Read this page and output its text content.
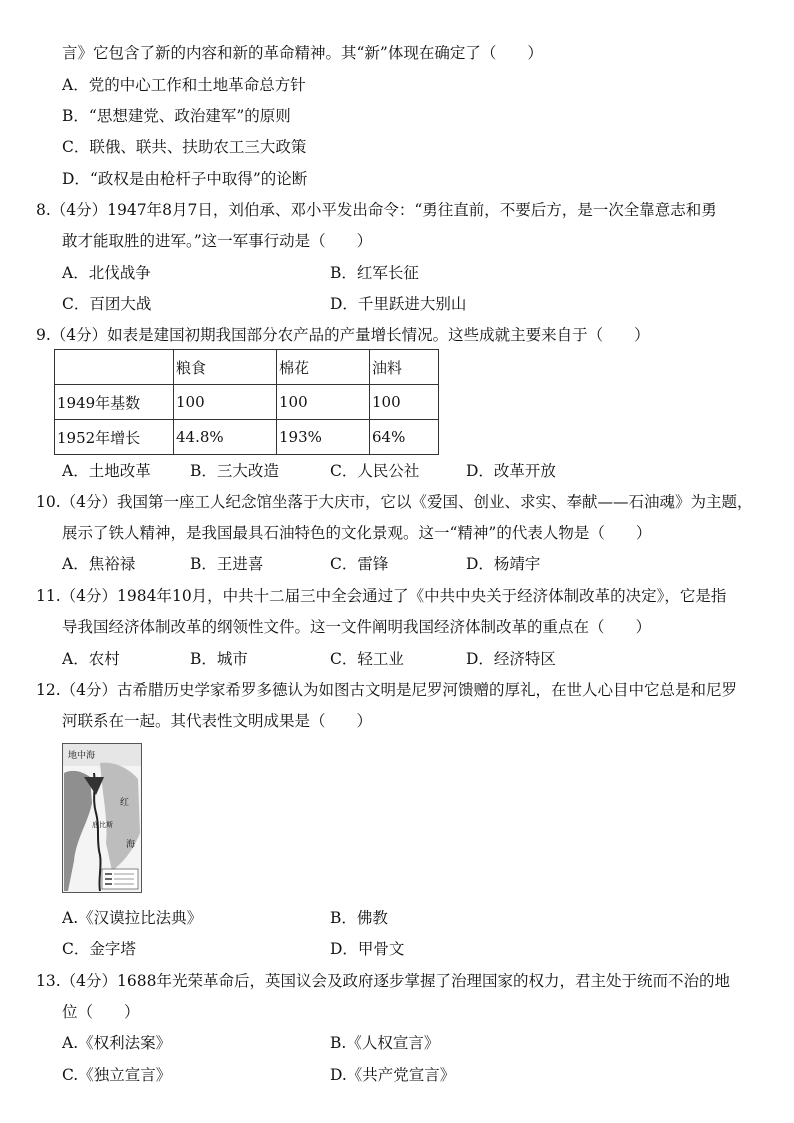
言》它包含了新的内容和新的革命精神。其“新”体现在确定了（　　）
A．党的中心工作和土地革命总方针
B．“思想建党、政治建军”的原则
C．联俄、联共、扶助农工三大政策
D．“政权是由枪杆子中取得”的论断
8.（4分）1947年8月7日，刘伯承、邓小平发出命令：“勇往直前，不要后方，是一次全靠意志和勇
敢才能取胜的进军。”这一军事行动是（　　）
A．北伐战争	B．红军长征
C．百团大战	D．千里跃进大别山
9.（4分）如表是建国初期我国部分农产品的产量增长情况。这些成就主要来自于（　　）
	粮食	棉花	油料
1949年基数	100	100	100
1952年增长	44.8%	193%	64%
A．土地改革	B．三大改造	C．人民公社	D．改革开放
10.（4分）我国第一座工人纪念馆坐落于大庆市，它以《爱国、创业、求实、奉献——石油魂》为主题，
展示了铁人精神，是我国最具石油特色的文化景观。这一“精神”的代表人物是（　　）
A．焦裕禄	B．王进喜	C．雷锋	D．杨靖宇
11.（4分）1984年10月，中共十二届三中全会通过了《中共中央关于经济体制改革的决定》，它是指
导我国经济体制改革的纲领性文件。这一文件阐明我国经济体制改革的重点在（　　）
A．农村	B．城市	C．轻工业	D．经济特区
12.（4分）古希腊历史学家希罗多德认为如图古文明是尼罗河馈赠的厚礼，在世人心目中它总是和尼罗
河联系在一起。其代表性文明成果是（　　）
地中海
底比斯
红
海
A.《汉谟拉比法典》	B．佛教
C．金字塔	D．甲骨文
13.（4分）1688年光荣革命后，英国议会及政府逐步掌握了治理国家的权力，君主处于统而不治的地
位（　　）
A.《权利法案》	B.《人权宣言》
C.《独立宣言》	D.《共产党宣言》
